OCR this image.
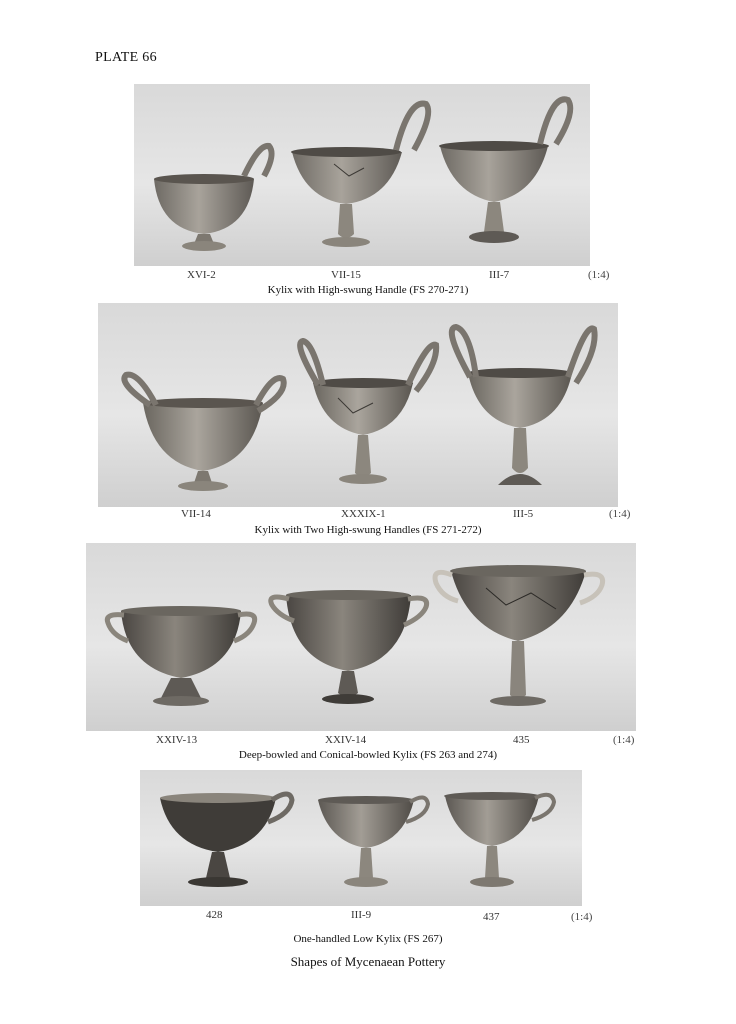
PLATE 66
XVI-2	VII-15	III-7	(1:4)
Kylix with High-swung Handle (FS 270-271)
VII-14	XXXIX-1	III-5	(1:4)
Kylix with Two High-swung Handles (FS 271-272)
XXIV-13	XXIV-14	435	(1:4)
Deep-bowled and Conical-bowled Kylix (FS 263 and 274)
428	III-9	437	(1:4)
One-handled Low Kylix (FS 267)
Shapes of Mycenaean Pottery
